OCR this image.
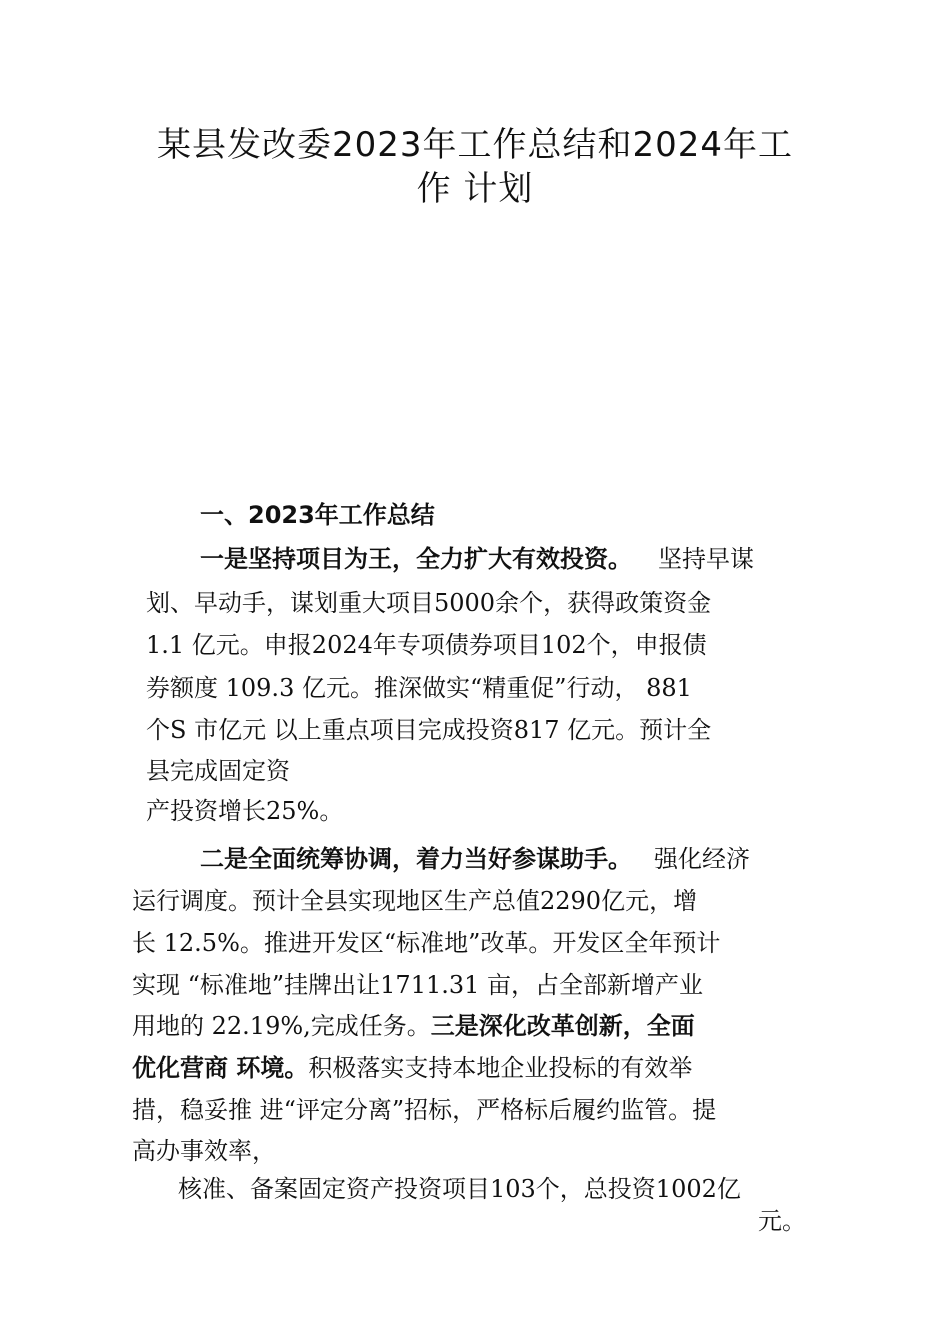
某县发改委2023年工作总结和2024年工
作 计划

一、2023年工作总结

一是坚持项目为王，全力扩大有效投资。 坚持早谋

划、早动手，谋划重大项目5000余个，获得政策资金

1.1 亿元。申报2024年专项债券项目102个，申报债

券额度 109.3 亿元。推深做实“精重促”行动， 881

个S 市亿元 以上重点项目完成投资817 亿元。预计全

县完成固定资

产投资增长25%。

二是全面统筹协调，着力当好参谋助手。 强化经济

运行调度。预计全县实现地区生产总值2290亿元，增

长 12.5%。推进开发区“标准地”改革。开发区全年预计

实现 “标准地”挂牌出让1711.31 亩，占全部新增产业

用地的 22.19%,完成任务。三是深化改革创新，全面

优化营商 环境。积极落实支持本地企业投标的有效举

措，稳妥推 进“评定分离”招标，严格标后履约监管。提

高办事效率，

核准、备案固定资产投资项目103个，总投资1002亿

元。
